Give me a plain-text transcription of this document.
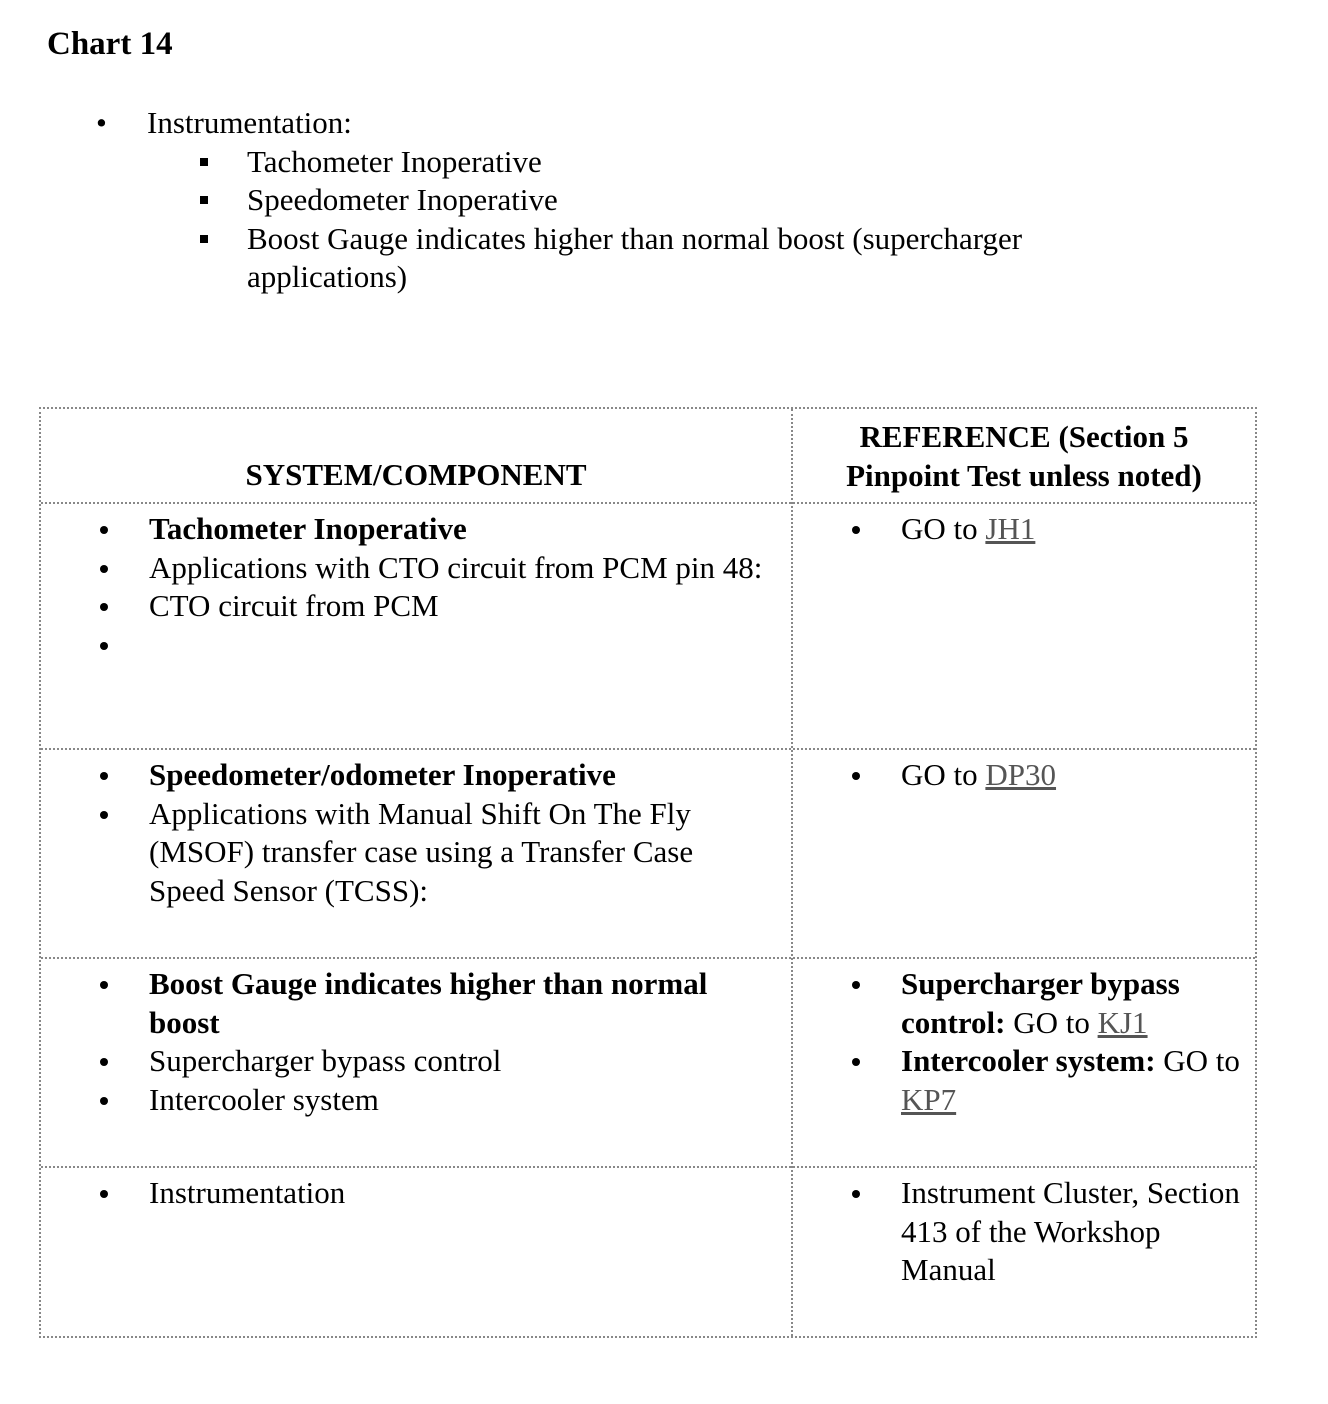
Chart 14
• Instrumentation:
Tachometer Inoperative
Speedometer Inoperative
Boost Gauge indicates higher than normal boost (supercharger applications)
SYSTEM/COMPONENT
REFERENCE (Section 5
Pinpoint Test unless noted)
Tachometer Inoperative
Applications with CTO circuit from PCM pin 48:
CTO circuit from PCM
GO to JH1
Speedometer/odometer Inoperative
Applications with Manual Shift On The Fly (MSOF) transfer case using a Transfer Case Speed Sensor (TCSS):
GO to DP30
Boost Gauge indicates higher than normal boost
Supercharger bypass control
Intercooler system
Supercharger bypass control: GO to KJ1
Intercooler system: GO to KP7
Instrumentation	Instrument Cluster, Section 413 of the Workshop Manual
